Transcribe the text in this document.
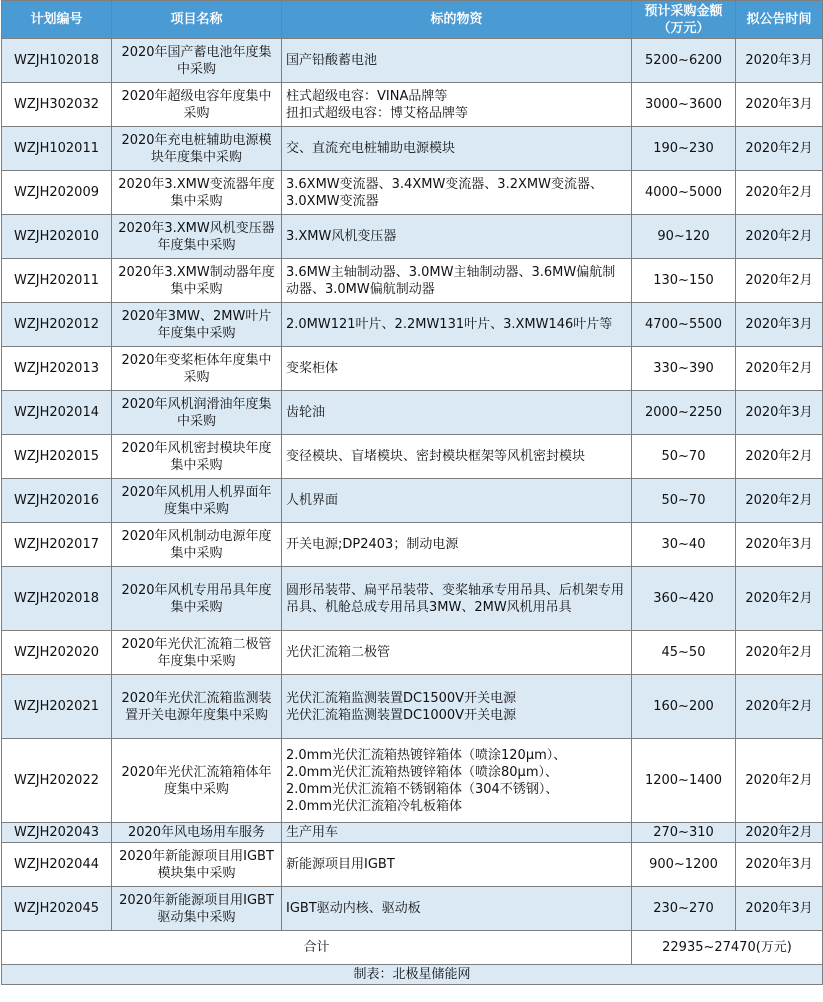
计划编号	项目名称	标的物资	预计采购金额（万元）	拟公告时间
WZJH102018	2020年国产蓄电池年度集中采购	国产铅酸蓄电池	5200~6200	2020年3月
WZJH302032	2020年超级电容年度集中采购	柱式超级电容：VINA品牌等
扭扣式超级电容：博艾格品牌等	3000~3600	2020年3月
WZJH102011	2020年充电桩辅助电源模块年度集中采购	交、直流充电桩辅助电源模块	190~230	2020年2月
WZJH202009	2020年3.XMW变流器年度集中采购	3.6XMW变流器、3.4XMW变流器、3.2XMW变流器、3.0XMW变流器	4000~5000	2020年2月
WZJH202010	2020年3.XMW风机变压器年度集中采购	3.XMW风机变压器	90~120	2020年2月
WZJH202011	2020年3.XMW制动器年度集中采购	3.6MW主轴制动器、3.0MW主轴制动器、3.6MW偏航制动器、3.0MW偏航制动器	130~150	2020年2月
WZJH202012	2020年3MW、2MW叶片年度集中采购	2.0MW121叶片、2.2MW131叶片、3.XMW146叶片等	4700~5500	2020年3月
WZJH202013	2020年变桨柜体年度集中采购	变桨柜体	330~390	2020年2月
WZJH202014	2020年风机润滑油年度集中采购	齿轮油	2000~2250	2020年3月
WZJH202015	2020年风机密封模块年度集中采购	变径模块、盲堵模块、密封模块框架等风机密封模块	50~70	2020年2月
WZJH202016	2020年风机用人机界面年度集中采购	人机界面	50~70	2020年2月
WZJH202017	2020年风机制动电源年度集中采购	开关电源;DP2403；制动电源	30~40	2020年3月
WZJH202018	2020年风机专用吊具年度集中采购	圆形吊装带、扁平吊装带、变桨轴承专用吊具、后机架专用吊具、机舱总成专用吊具3MW、2MW风机用吊具	360~420	2020年2月
WZJH202020	2020年光伏汇流箱二极管年度集中采购	光伏汇流箱二极管	45~50	2020年2月
WZJH202021	2020年光伏汇流箱监测装置开关电源年度集中采购	光伏汇流箱监测装置DC1500V开关电源
光伏汇流箱监测装置DC1000V开关电源	160~200	2020年2月
WZJH202022	2020年光伏汇流箱箱体年度集中采购	2.0mm光伏汇流箱热镀锌箱体（喷涂120μm）、
2.0mm光伏汇流箱热镀锌箱体（喷涂80μm）、
2.0mm光伏汇流箱不锈钢箱体（304不锈钢）、
2.0mm光伏汇流箱冷轧板箱体	1200~1400	2020年2月
WZJH202043	2020年风电场用车服务	生产用车	270~310	2020年2月
WZJH202044	2020年新能源项目用IGBT模块集中采购	新能源项目用IGBT	900~1200	2020年3月
WZJH202045	2020年新能源项目用IGBT驱动集中采购	IGBT驱动内核、驱动板	230~270	2020年3月
合计			22935~27470(万元)	
制表：北极星储能网				
